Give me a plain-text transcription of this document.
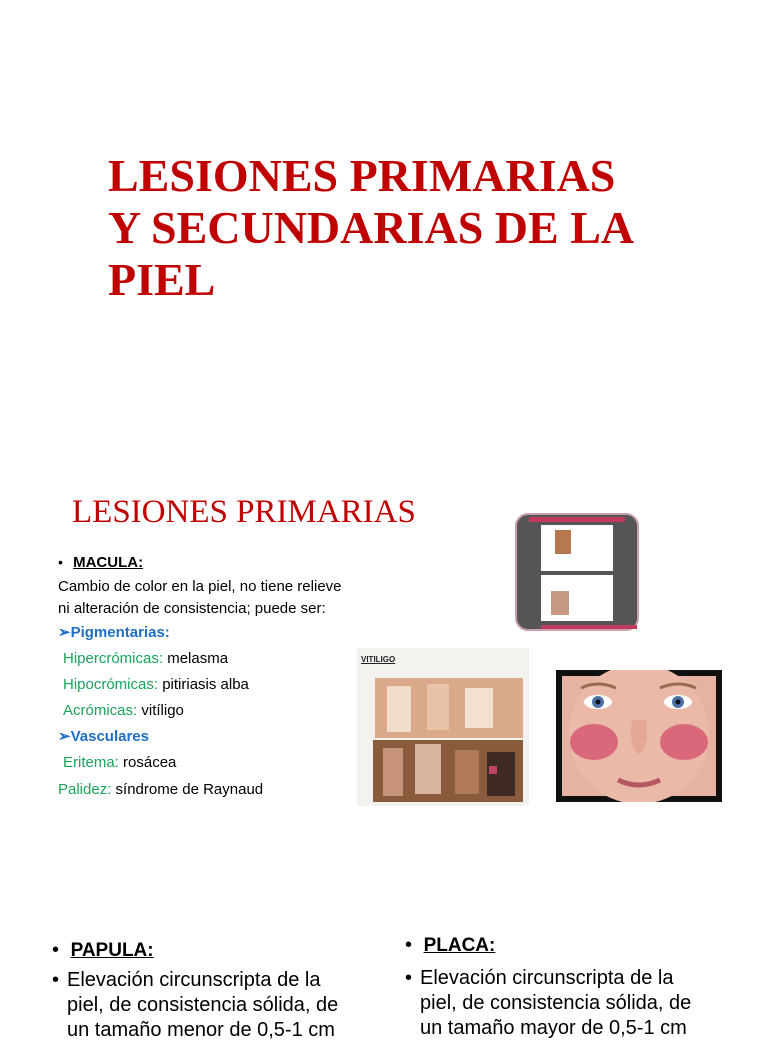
LESIONES PRIMARIAS
Y SECUNDARIAS DE LA
PIEL
LESIONES PRIMARIAS
• MACULA:
Cambio de color en la piel, no tiene relieve
ni alteración de consistencia; puede ser:
➢Pigmentarias:
Hipercrómicas: melasma
Hipocrómicas: pitiriasis alba
Acrómicas: vitíligo
➢Vasculares
Eritema: rosácea
Palidez: síndrome de Raynaud
VITILIGO
• PAPULA:
• Elevación circunscripta de la
piel, de consistencia sólida, de
un tamaño menor de 0,5-1 cm
• PLACA:
• Elevación circunscripta de la
piel, de consistencia sólida, de
un tamaño mayor de 0,5-1 cm
